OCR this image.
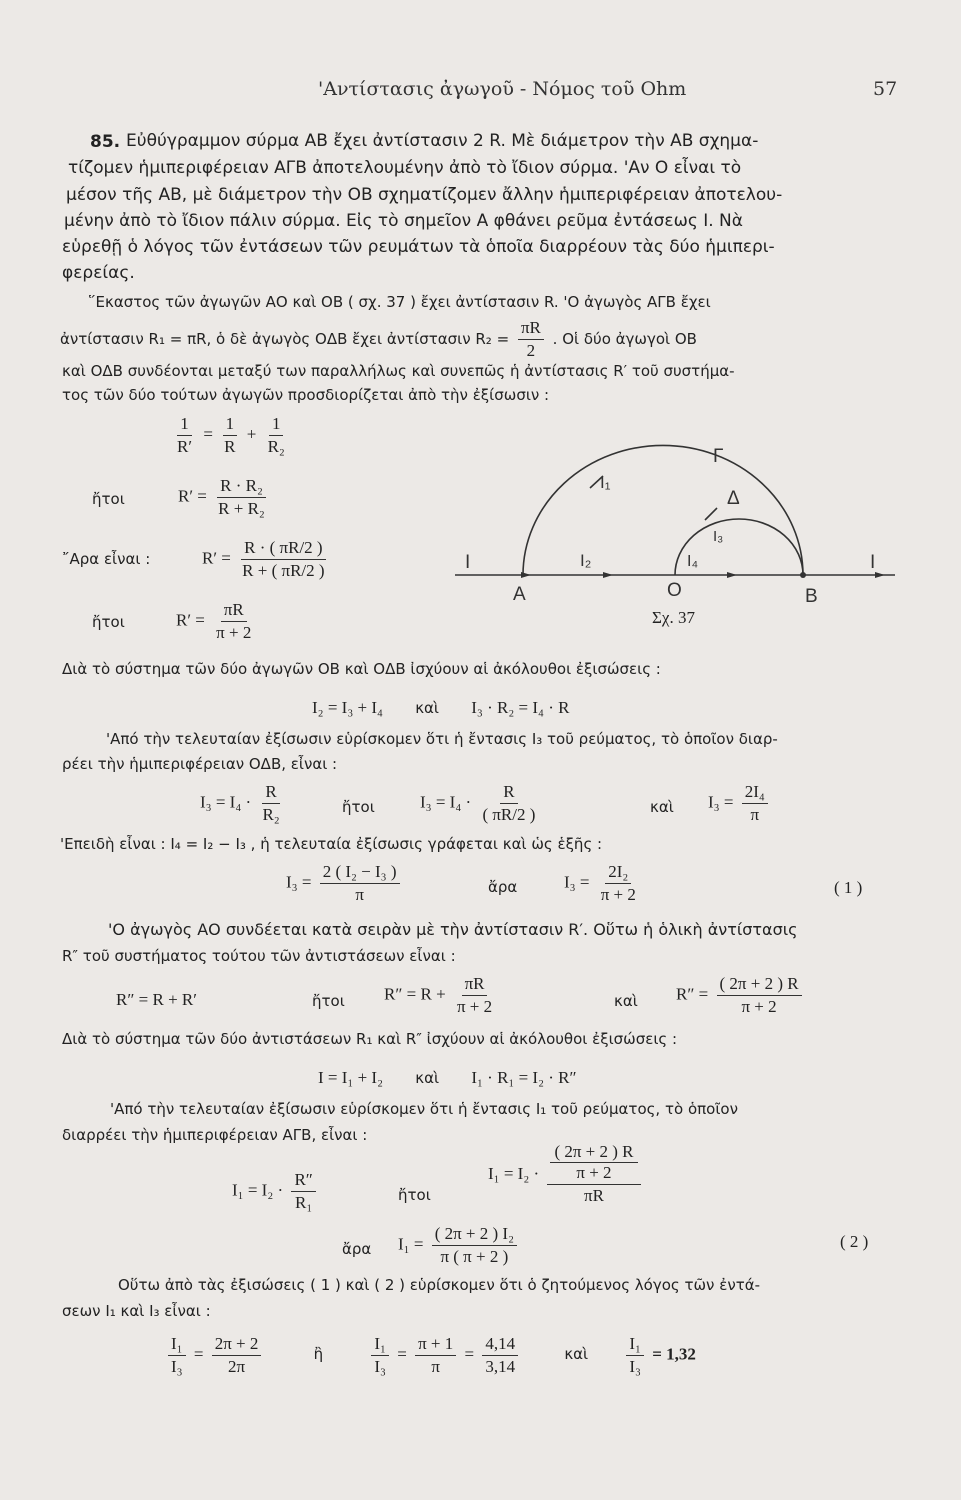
'Αντίστασις ἀγωγοῦ - Νόμος τοῦ Ohm	57
85. Εὐθύγραμμον σύρμα ΑΒ ἔχει ἀντίστασιν 2 R. Μὲ διάμετρον τὴν ΑΒ σχημα-
τίζομεν ἡμιπεριφέρειαν ΑΓΒ ἀποτελουμένην ἀπὸ τὸ ἴδιον σύρμα. 'Αν Ο εἶναι τὸ
μέσον τῆς ΑΒ, μὲ διάμετρον τὴν ΟΒ σχηματίζομεν ἄλλην ἡμιπεριφέρειαν ἀποτελου-
μένην ἀπὸ τὸ ἴδιον πάλιν σύρμα. Εἰς τὸ σημεῖον Α φθάνει ρεῦμα ἐντάσεως Ι. Νὰ
εὑρεθῇ ὁ λόγος τῶν ἐντάσεων τῶν ρευμάτων τὰ ὁποῖα διαρρέουν τὰς δύο ἡμιπερι-
φερείας.
῞Εκαστος τῶν ἀγωγῶν ΑΟ καὶ ΟΒ ( σχ. 37 ) ἔχει ἀντίστασιν R. 'Ο ἀγωγὸς ΑΓΒ ἔχει
ἀντίστασιν R₁ = πR, ὁ δὲ ἀγωγὸς ΟΔΒ ἔχει ἀντίστασιν $R_2 = \frac{\pi R}{2}$ . Οἱ δύο ἀγωγοὶ ΟΒ
καὶ ΟΔΒ συνδέονται μεταξύ των παραλλήλως καὶ συνεπῶς ἡ ἀντίστασις R′ τοῦ συστήμα-
τος τῶν δύο τούτων ἀγωγῶν προσδιορίζεται ἀπὸ τὴν ἐξίσωσιν :
$\frac{1}{R'} = \frac{1}{R} + \frac{1}{\text{R₂}}$
ἤτοι	$R' = \frac{\text{R · R₂}}{\text{R + R₂}}$
῎Αρα εἶναι :	$R' = \frac{R \cdot ( \pi R/2 )}{R + ( \pi R/2 )}$
ἤτοι	$R' = \frac{\pi R}{\pi + 2}$
Γ
Δ
Α	Ο	Β
I	I
I₁
I₂
I₃
I₄
Σχ. 37
Διὰ τὸ σύστημα τῶν δύο ἀγωγῶν ΟΒ καὶ ΟΔΒ ἰσχύουν αἱ ἀκόλουθοι ἐξισώσεις :
I₂ = I₃ + I₄ καὶ I₃ · R₂ = I₄ · R
'Από τὴν τελευταίαν ἐξίσωσιν εὑρίσκομεν ὅτι ἡ ἔντασις I₃ τοῦ ρεύματος, τὸ ὁποῖον διαρ-
ρέει τὴν ἡμιπεριφέρειαν ΟΔΒ, εἶναι :
$I_3 = I_4 \cdot \frac{R}{\text{R₂}}$	ἤτοι	$I_3 = I_4 \cdot \frac{R}{( \pi R/2 )}$	καὶ $I_3 = \frac{\text{2I₄}}{\pi}$
'Επειδὴ εἶναι : I₄ = I₂ − I₃ , ἡ τελευταία ἐξίσωσις γράφεται καὶ ὡς ἑξῆς :
$I_3 = \frac{\text{2 ( I₂ − I₃ )}}{\pi}$	ἄρα	$I_3 = \frac{\text{2I₂}}{\pi + 2}$	( 1 )
'Ο ἀγωγὸς ΑΟ συνδέεται κατὰ σειρὰν μὲ τὴν ἀντίστασιν R′. Οὕτω ἡ ὁλικὴ ἀντίστασις
R″ τοῦ συστήματος τούτου τῶν ἀντιστάσεων εἶναι :
R″ = R + R′	ἤτοι $R'' = R + \frac{\pi R}{\pi + 2}$	καὶ $R'' = \frac{( 2\pi + 2 ) R}{\pi + 2}$
Διὰ τὸ σύστημα τῶν δύο ἀντιστάσεων R₁ καὶ R″ ἰσχύουν αἱ ἀκόλουθοι ἐξισώσεις :
I = I₁ + I₂ καὶ I₁ · R₁ = I₂ · R″
'Από τὴν τελευταίαν ἐξίσωσιν εὑρίσκομεν ὅτι ἡ ἔντασις I₁ τοῦ ρεύματος, τὸ ὁποῖον
διαρρέει τὴν ἡμιπεριφέρειαν ΑΓΒ, εἶναι :
$I_1 = I_2 \cdot \frac{R''}{\text{R₁}}$	ἤτοι
I₁ = I₂ · ( 2π + 2 ) R
π + 2
πR
ἄρα $I_1 = \frac{\text{( 2π + 2 ) I₂}}{\pi ( \pi + 2 )}$	( 2 )
Οὕτω ἀπὸ τὰς ἐξισώσεις ( 1 ) καὶ ( 2 ) εὑρίσκομεν ὅτι ὁ ζητούμενος λόγος τῶν ἐντά-
σεων I₁ καὶ I₃ εἶναι :
$\frac{\text{I₁}}{\text{I₃}} = \frac{2\pi + 2}{2\pi}$	ἢ	$\frac{\text{I₁}}{\text{I₃}} = \frac{\pi + 1}{\pi} = \frac{4,14}{3,14}$	καὶ $\frac{\text{I₁}}{\text{I₃}} = 1,32$
